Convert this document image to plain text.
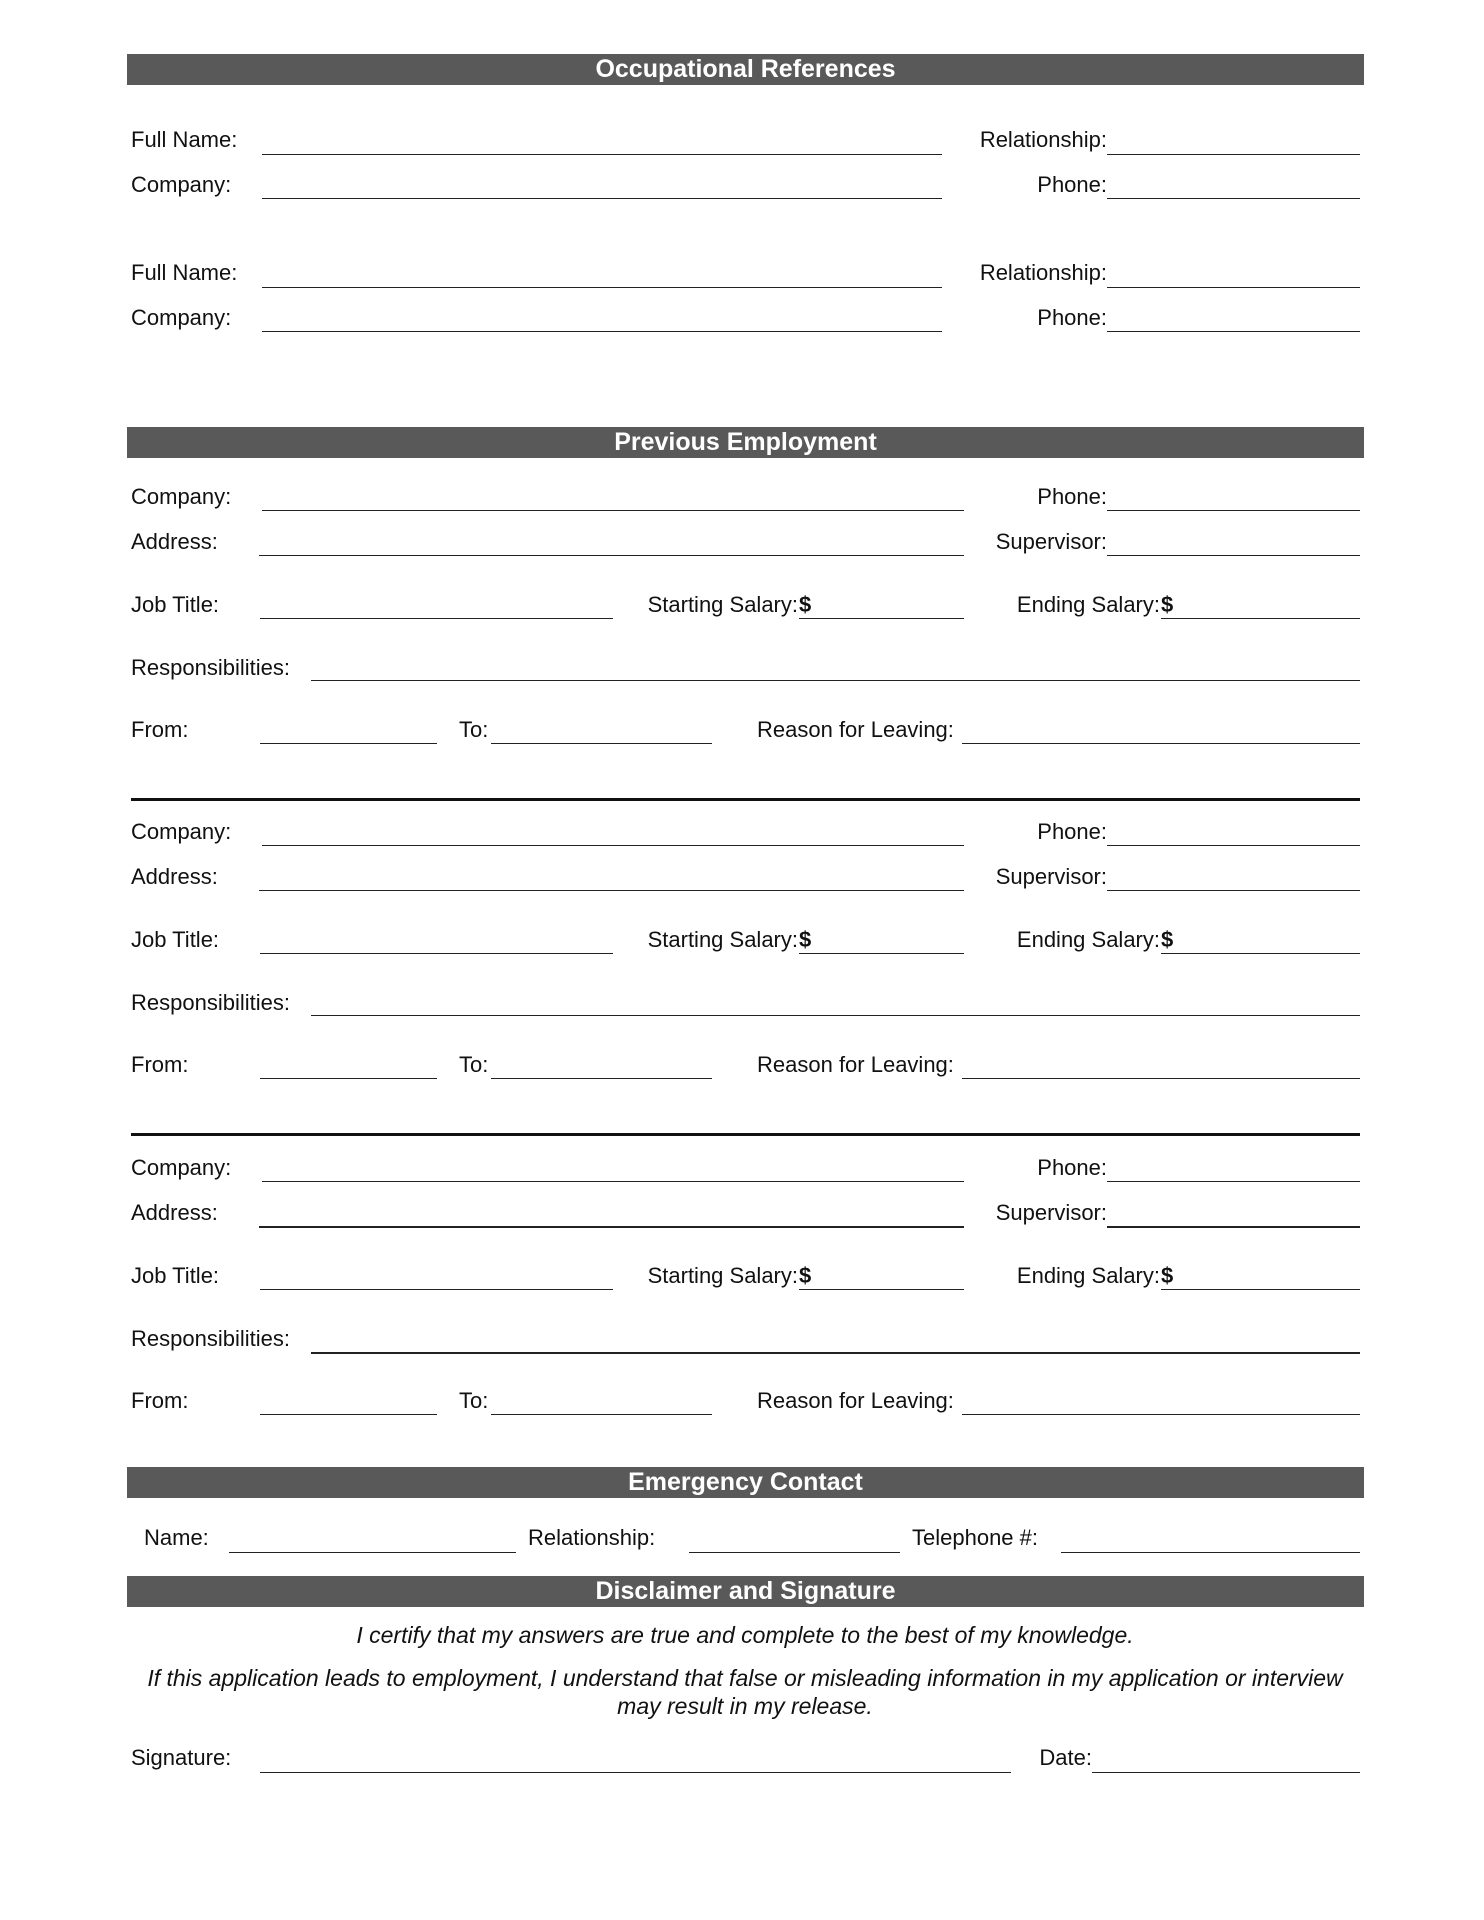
Occupational References
Full Name:	Relationship:
Company:	Phone:
Full Name:	Relationship:
Company:	Phone:
Previous Employment
Company:	Phone:
Address:	Supervisor:
Job Title:	Starting Salary: $	Ending Salary: $
Responsibilities:
From:	To:	Reason for Leaving:
Company:	Phone:
Address:	Supervisor:
Job Title:	Starting Salary: $	Ending Salary: $
Responsibilities:
From:	To:	Reason for Leaving:
Company:	Phone:
Address:	Supervisor:
Job Title:	Starting Salary: $	Ending Salary: $
Responsibilities:
From:	To:	Reason for Leaving:
Emergency Contact
Name:	Relationship:	Telephone #:
Disclaimer and Signature
I certify that my answers are true and complete to the best of my knowledge.
If this application leads to employment, I understand that false or misleading information in my application or interview may result in my release.
Signature:	Date:
